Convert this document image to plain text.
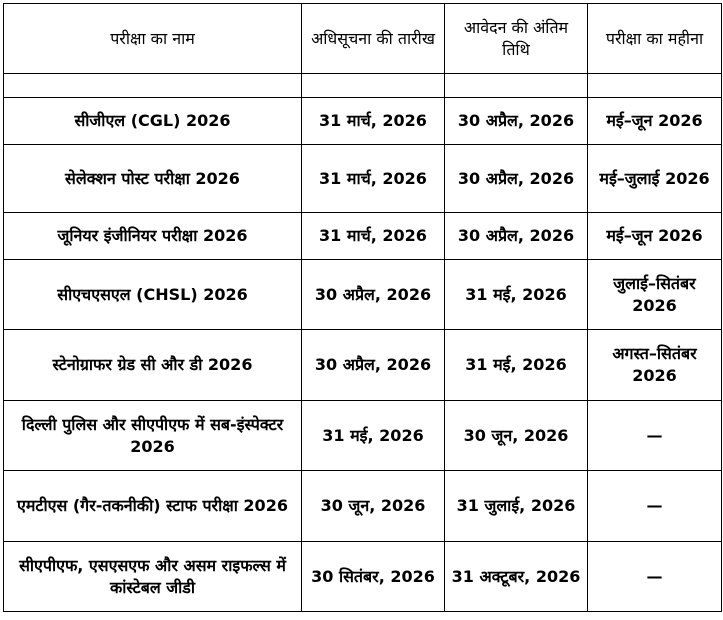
परीक्षा का नाम	अधिसूचना की तारीख	आवेदन की अंतिम तिथि	परीक्षा का महीना

सीजीएल (CGL) 2026	31 मार्च, 2026	30 अप्रैल, 2026	मई–जून 2026
सेलेक्शन पोस्ट परीक्षा 2026	31 मार्च, 2026	30 अप्रैल, 2026	मई–जुलाई 2026
जूनियर इंजीनियर परीक्षा 2026	31 मार्च, 2026	30 अप्रैल, 2026	मई–जून 2026
सीएचएसएल (CHSL) 2026	30 अप्रैल, 2026	31 मई, 2026	जुलाई–सितंबर 2026
स्टेनोग्राफर ग्रेड सी और डी 2026	30 अप्रैल, 2026	31 मई, 2026	अगस्त–सितंबर 2026
दिल्ली पुलिस और सीएपीएफ में सब-इंस्पेक्टर 2026	31 मई, 2026	30 जून, 2026	—
एमटीएस (गैर-तकनीकी) स्टाफ परीक्षा 2026	30 जून, 2026	31 जुलाई, 2026	—
सीएपीएफ, एसएसएफ और असम राइफल्स में कांस्टेबल जीडी	30 सितंबर, 2026	31 अक्टूबर, 2026	—
